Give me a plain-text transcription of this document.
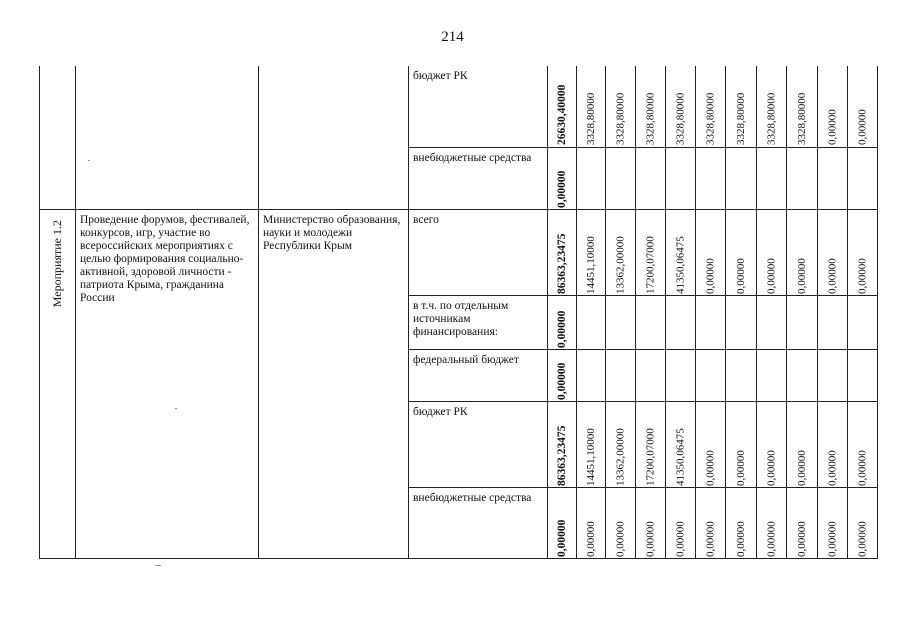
214

			бюджет РК	26630,40000	3328,80000	3328,80000	3328,80000	3328,80000	3328,80000	3328,80000	3328,80000	3328,80000	0,00000	0,00000

			внебюджетные средства	0,00000										

Мероприятие 1.2	Проведение форумов, фестивалей, конкурсов, игр, участие во всероссийских мероприятиях с целью формирования социально-активной, здоровой личности - патриота Крыма, гражданина России	Министерство образования, науки и молодежи Республики Крым	всего	86363,23475	14451,10000	13362,00000	17200,07000	41350,06475	0,00000	0,00000	0,00000	0,00000	0,00000	0,00000

			в т.ч. по отдельным источникам финансирования:	0,00000										

			федеральный бюджет	0,00000										

			бюджет РК	86363,23475	14451,10000	13362,00000	17200,07000	41350,06475	0,00000	0,00000	0,00000	0,00000	0,00000	0,00000

			внебюджетные средства	0,00000	0,00000	0,00000	0,00000	0,00000	0,00000	0,00000	0,00000	0,00000	0,00000	0,00000
